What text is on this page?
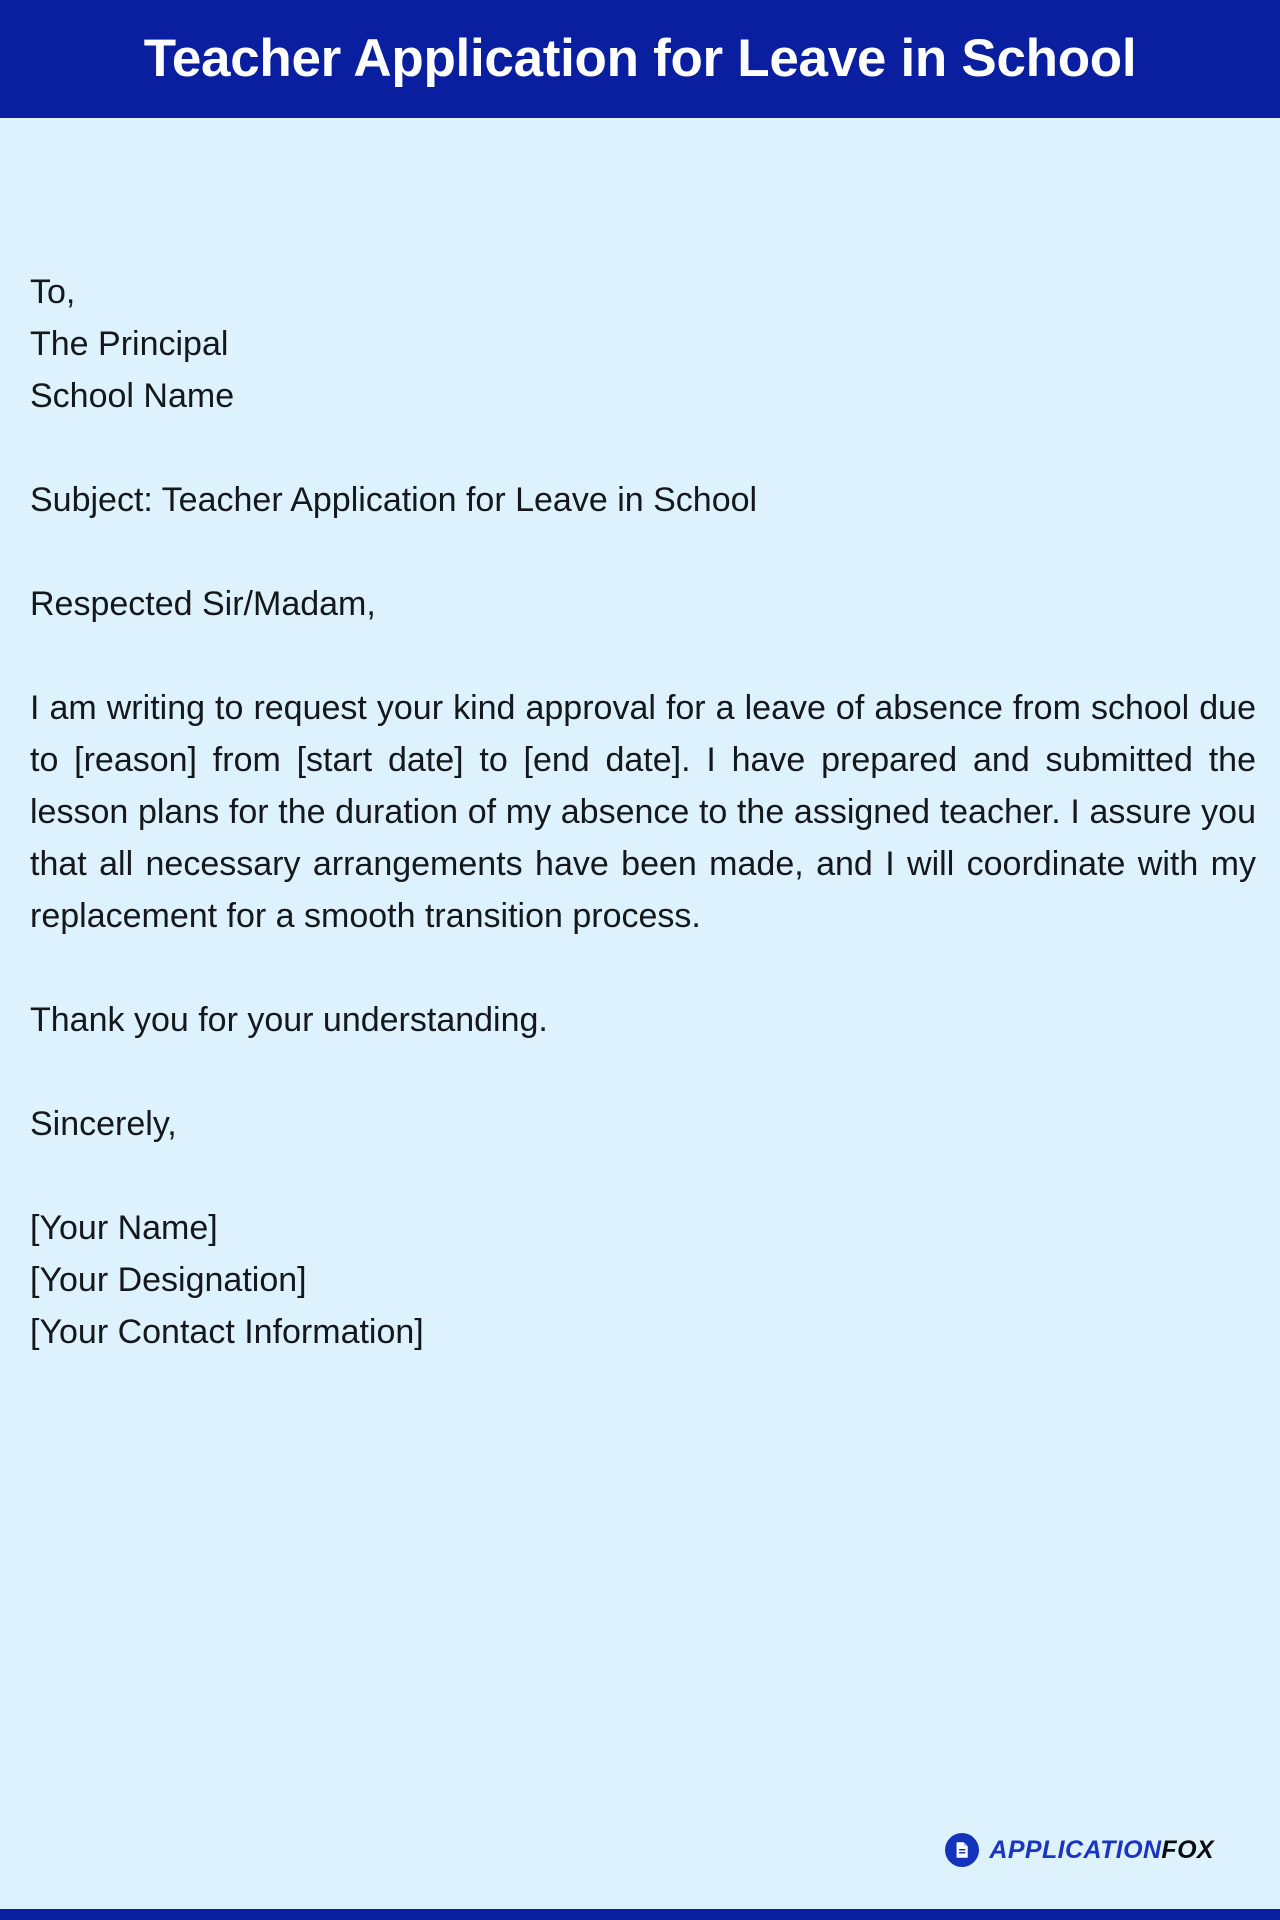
Teacher Application for Leave in School

To,

The Principal

School Name

Subject: Teacher Application for Leave in School

Respected Sir/Madam,

I am writing to request your kind approval for a leave of absence from school due to [reason] from [start date] to [end date]. I have prepared and submitted the lesson plans for the duration of my absence to the assigned teacher. I assure you that all necessary arrangements have been made, and I will coordinate with my replacement for a smooth transition process.

Thank you for your understanding.

Sincerely,

[Your Name]

[Your Designation]

[Your Contact Information]

APPLICATIONFOX
